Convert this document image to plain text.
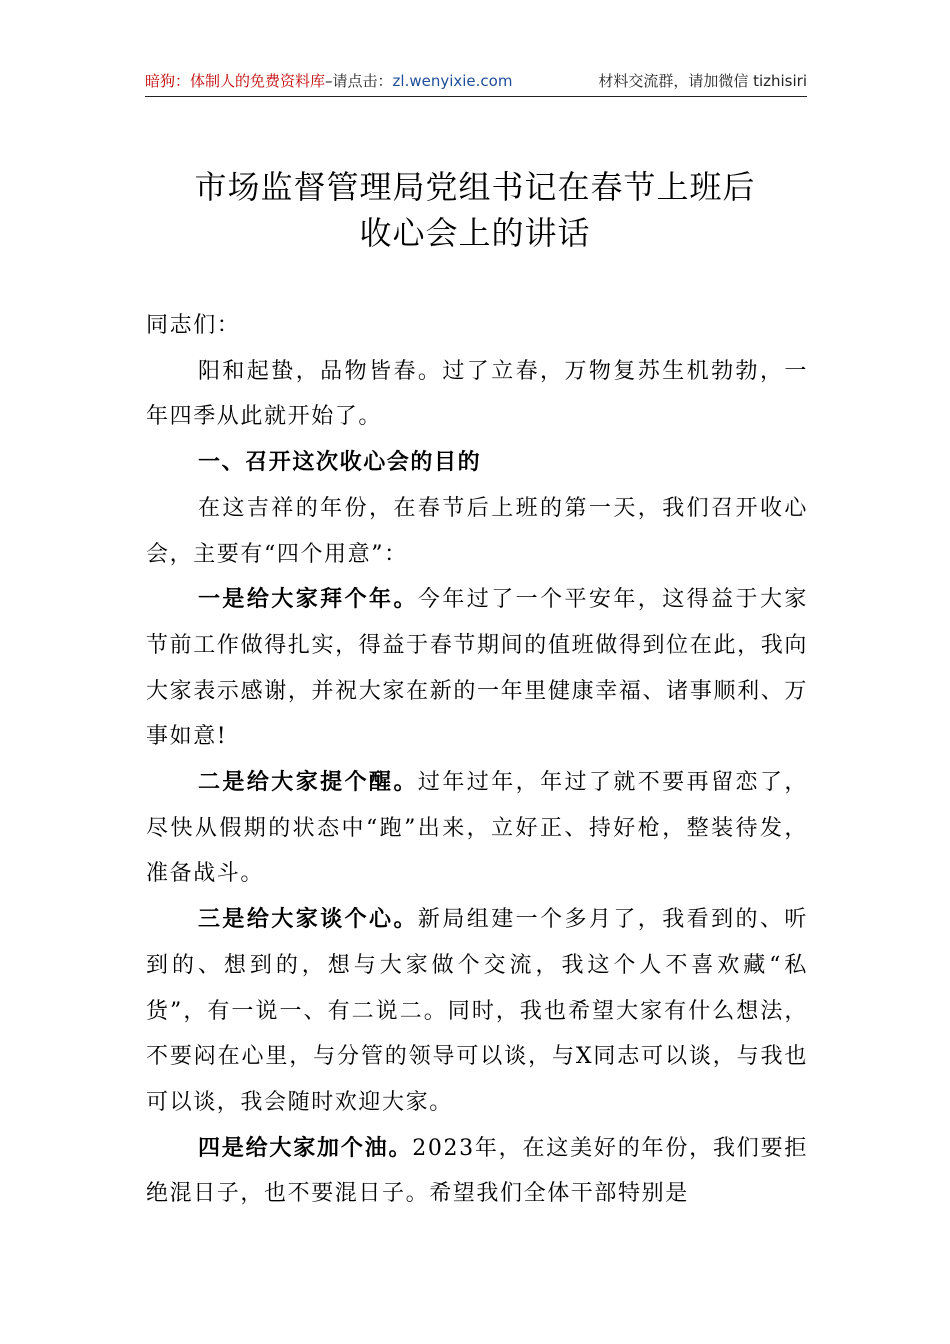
暗狗：体制人的免费资料库–请点击：zl.wenyixie.com	材料交流群，请加微信 tizhisiri
市场监督管理局党组书记在春节上班后
收心会上的讲话

同志们：

阳和起蛰，品物皆春。过了立春，万物复苏生机勃勃，一年四季从此就开始了。

一、召开这次收心会的目的

在这吉祥的年份，在春节后上班的第一天，我们召开收心会，主要有“四个用意”：

一是给大家拜个年。今年过了一个平安年，这得益于大家节前工作做得扎实，得益于春节期间的值班做得到位在此，我向大家表示感谢，并祝大家在新的一年里健康幸福、诸事顺利、万事如意!

二是给大家提个醒。过年过年，年过了就不要再留恋了，尽快从假期的状态中“跑”出来，立好正、持好枪，整装待发，准备战斗。

三是给大家谈个心。新局组建一个多月了，我看到的、听到的、想到的，想与大家做个交流，我这个人不喜欢藏“私货”，有一说一、有二说二。同时，我也希望大家有什么想法，不要闷在心里，与分管的领导可以谈，与X同志可以谈，与我也可以谈，我会随时欢迎大家。

四是给大家加个油。2023年，在这美好的年份，我们要拒绝混日子，也不要混日子。希望我们全体干部特别是
